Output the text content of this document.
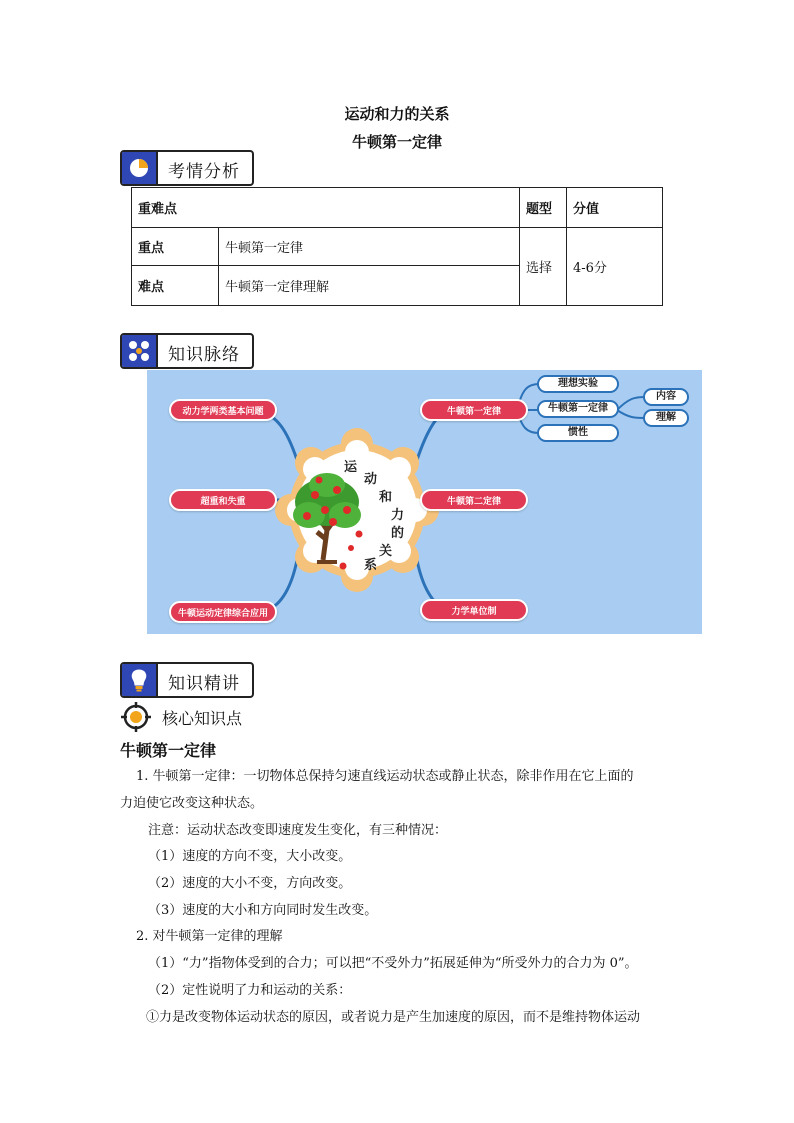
运动和力的关系
牛顿第一定律
考情分析
重难点		题型	分值
重点	牛顿第一定律	选择	4-6分
难点	牛顿第一定律理解		
知识脉络
运
动
和
力
的
关
系
动力学两类基本问题
超重和失重
牛顿运动定律综合应用
牛顿第一定律
牛顿第二定律
力学单位制
理想实验
牛顿第一定律
惯性
内容
理解
知识精讲
核心知识点
牛顿第一定律
1. 牛顿第一定律：一切物体总保持匀速直线运动状态或静止状态，除非作用在它上面的
力迫使它改变这种状态。
注意：运动状态改变即速度发生变化，有三种情况：
（1）速度的方向不变，大小改变。
（2）速度的大小不变，方向改变。
（3）速度的大小和方向同时发生改变。
2. 对牛顿第一定律的理解
（1）“力”指物体受到的合力；可以把“不受外力”拓展延伸为“所受外力的合力为 0”。
（2）定性说明了力和运动的关系：
①力是改变物体运动状态的原因，或者说力是产生加速度的原因，而不是维持物体运动
